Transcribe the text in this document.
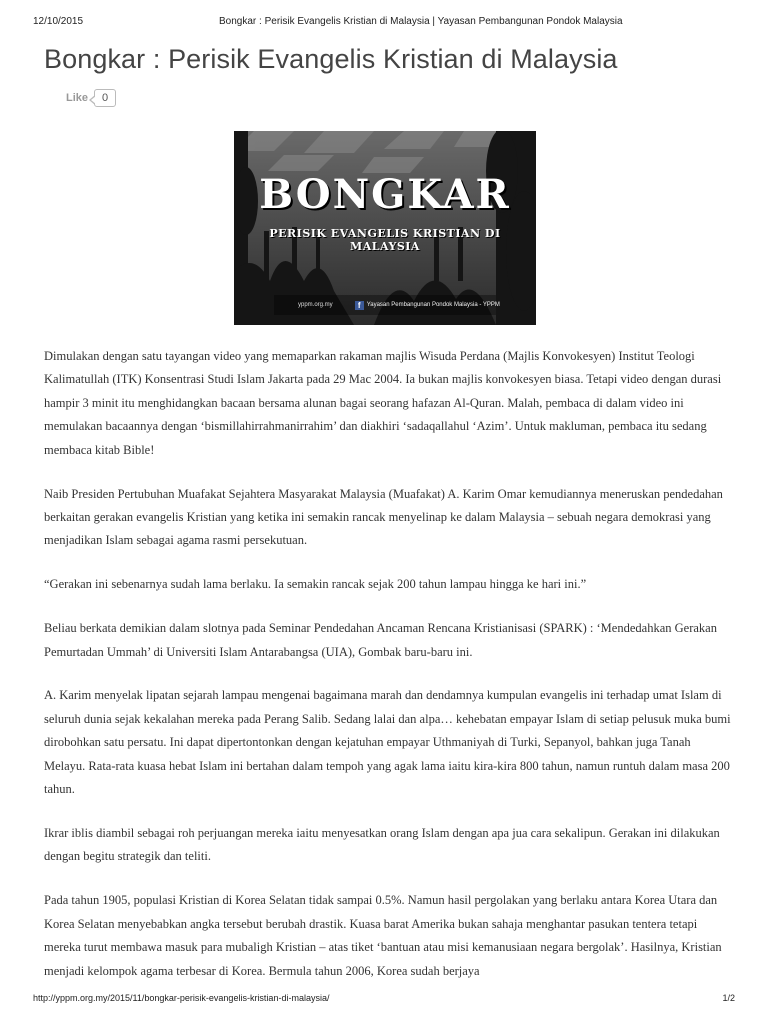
12/10/2015	Bongkar : Perisik Evangelis Kristian di Malaysia | Yayasan Pembangunan Pondok Malaysia
Bongkar : Perisik Evangelis Kristian di Malaysia
Like	0
BONGKAR
PERISIK EVANGELIS KRISTIAN DI MALAYSIA
yppm.org.my	f	Yayasan Pembangunan Pondok Malaysia - YPPM

Dimulakan dengan satu tayangan video yang memaparkan rakaman majlis Wisuda Perdana (Majlis Konvokesyen) Institut Teologi Kalimatullah (ITK) Konsentrasi Studi Islam Jakarta pada 29 Mac 2004. Ia bukan majlis konvokesyen biasa. Tetapi video dengan durasi hampir 3 minit itu menghidangkan bacaan bersama alunan bagai seorang hafazan Al-Quran. Malah, pembaca di dalam video ini memulakan bacaannya dengan ‘bismillahirrahmanirrahim’ dan diakhiri ‘sadaqallahul ‘Azim’. Untuk makluman, pembaca itu sedang membaca kitab Bible!

Naib Presiden Pertubuhan Muafakat Sejahtera Masyarakat Malaysia (Muafakat) A. Karim Omar kemudiannya meneruskan pendedahan berkaitan gerakan evangelis Kristian yang ketika ini semakin rancak menyelinap ke dalam Malaysia – sebuah negara demokrasi yang menjadikan Islam sebagai agama rasmi persekutuan.

“Gerakan ini sebenarnya sudah lama berlaku. Ia semakin rancak sejak 200 tahun lampau hingga ke hari ini.”

Beliau berkata demikian dalam slotnya pada Seminar Pendedahan Ancaman Rencana Kristianisasi (SPARK) : ‘Mendedahkan Gerakan Pemurtadan Ummah’ di Universiti Islam Antarabangsa (UIA), Gombak baru-baru ini.

A. Karim menyelak lipatan sejarah lampau mengenai bagaimana marah dan dendamnya kumpulan evangelis ini terhadap umat Islam di seluruh dunia sejak kekalahan mereka pada Perang Salib. Sedang lalai dan alpa… kehebatan empayar Islam di setiap pelusuk muka bumi dirobohkan satu persatu. Ini dapat dipertontonkan dengan kejatuhan empayar Uthmaniyah di Turki, Sepanyol, bahkan juga Tanah Melayu. Rata-rata kuasa hebat Islam ini bertahan dalam tempoh yang agak lama iaitu kira-kira 800 tahun, namun runtuh dalam masa 200 tahun.

Ikrar iblis diambil sebagai roh perjuangan mereka iaitu menyesatkan orang Islam dengan apa jua cara sekalipun. Gerakan ini dilakukan dengan begitu strategik dan teliti.

Pada tahun 1905, populasi Kristian di Korea Selatan tidak sampai 0.5%. Namun hasil pergolakan yang berlaku antara Korea Utara dan Korea Selatan menyebabkan angka tersebut berubah drastik. Kuasa barat Amerika bukan sahaja menghantar pasukan tentera tetapi mereka turut membawa masuk para mubaligh Kristian – atas tiket ‘bantuan atau misi kemanusiaan negara bergolak’. Hasilnya, Kristian menjadi kelompok agama terbesar di Korea. Bermula tahun 2006, Korea sudah berjaya

http://yppm.org.my/2015/11/bongkar-perisik-evangelis-kristian-di-malaysia/	1/2
